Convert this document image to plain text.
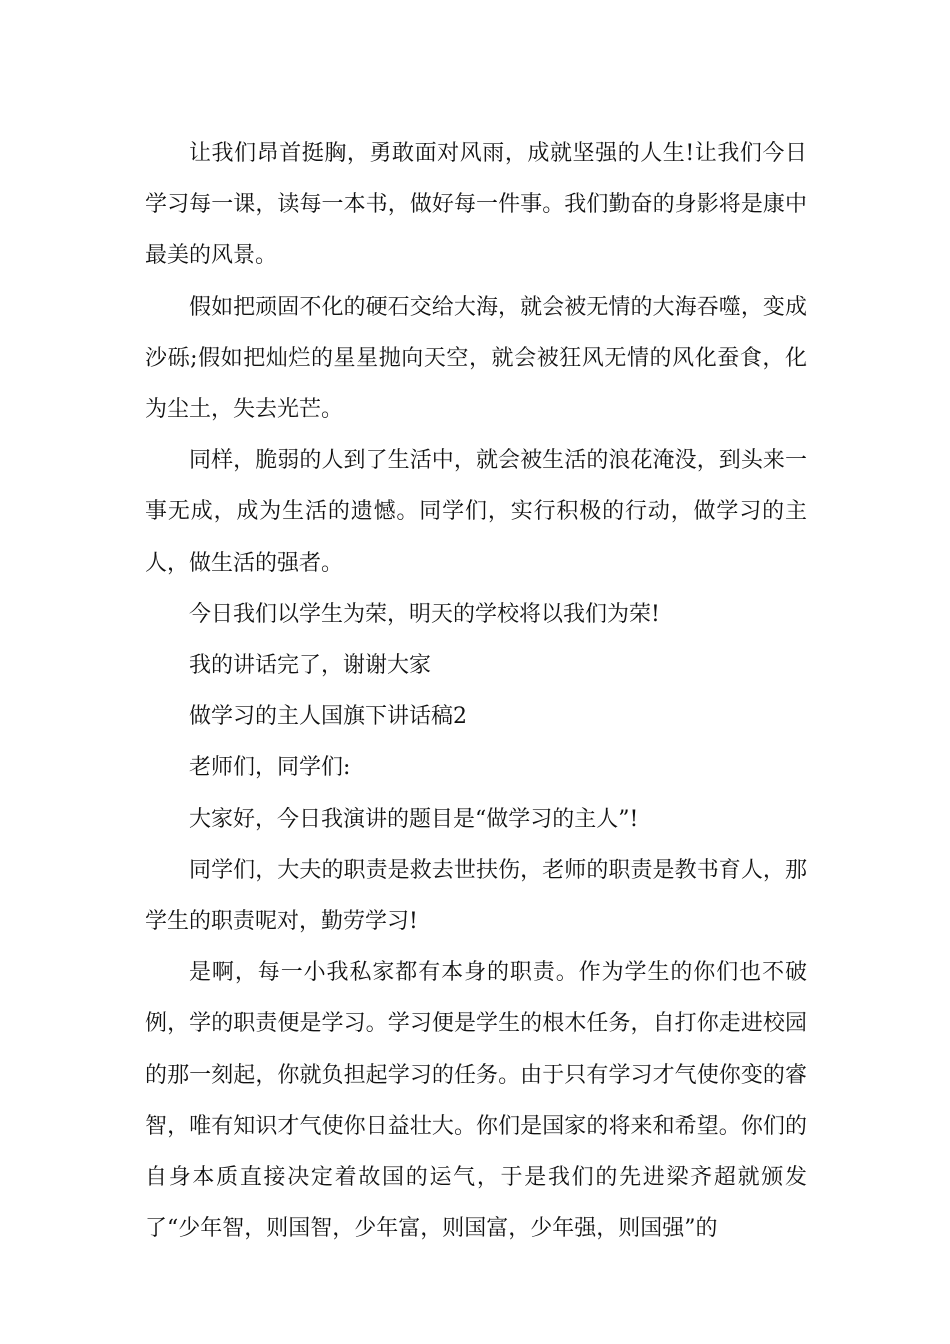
让我们昂首挺胸，勇敢面对风雨，成就坚强的人生!让我们今日学习每一课，读每一本书，做好每一件事。我们勤奋的身影将是康中最美的风景。

假如把顽固不化的硬石交给大海，就会被无情的大海吞噬，变成沙砾;假如把灿烂的星星抛向天空，就会被狂风无情的风化蚕食，化为尘土，失去光芒。

同样，脆弱的人到了生活中，就会被生活的浪花淹没，到头来一事无成，成为生活的遗憾。同学们，实行积极的行动，做学习的主人，做生活的强者。

今日我们以学生为荣，明天的学校将以我们为荣!

我的讲话完了，谢谢大家

做学习的主人国旗下讲话稿2

老师们，同学们:

大家好，今日我演讲的题目是“做学习的主人”!

同学们，大夫的职责是救去世扶伤，老师的职责是教书育人，那学生的职责呢对，勤劳学习!

是啊，每一小我私家都有本身的职责。作为学生的你们也不破例，学的职责便是学习。学习便是学生的根木任务，自打你走进校园的那一刻起，你就负担起学习的任务。由于只有学习才气使你变的睿智，唯有知识才气使你日益壮大。你们是国家的将来和希望。你们的自身本质直接决定着故国的运气，于是我们的先进梁齐超就颁发了“少年智，则国智，少年富，则国富，少年强，则国强”的
